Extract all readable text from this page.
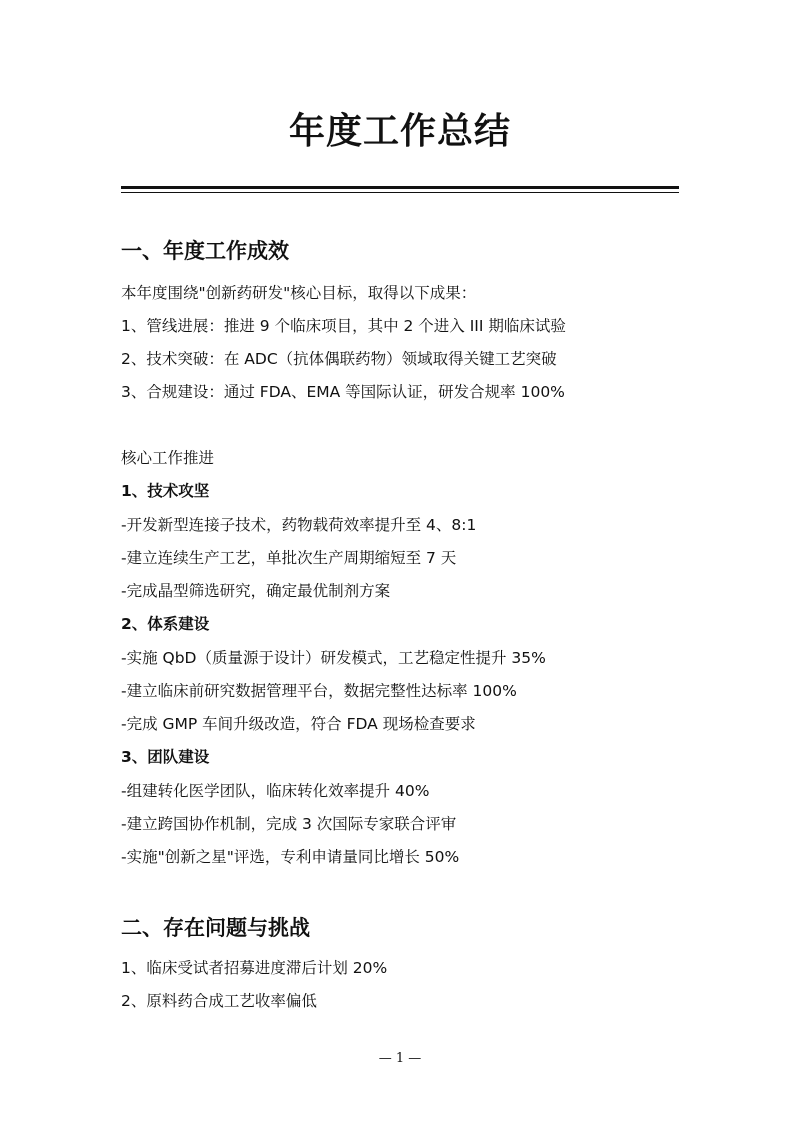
年度工作总结
一、年度工作成效
本年度围绕"创新药研发"核心目标，取得以下成果：
1、管线进展：推进 9 个临床项目，其中 2 个进入 III 期临床试验
2、技术突破：在 ADC（抗体偶联药物）领域取得关键工艺突破
3、合规建设：通过 FDA、EMA 等国际认证，研发合规率 100%
核心工作推进
1、技术攻坚
-开发新型连接子技术，药物载荷效率提升至 4、8:1
-建立连续生产工艺，单批次生产周期缩短至 7 天
-完成晶型筛选研究，确定最优制剂方案
2、体系建设
-实施 QbD（质量源于设计）研发模式，工艺稳定性提升 35%
-建立临床前研究数据管理平台，数据完整性达标率 100%
-完成 GMP 车间升级改造，符合 FDA 现场检查要求
3、团队建设
-组建转化医学团队，临床转化效率提升 40%
-建立跨国协作机制，完成 3 次国际专家联合评审
-实施"创新之星"评选，专利申请量同比增长 50%
二、存在问题与挑战
1、临床受试者招募进度滞后计划 20%
2、原料药合成工艺收率偏低
— 1 —
